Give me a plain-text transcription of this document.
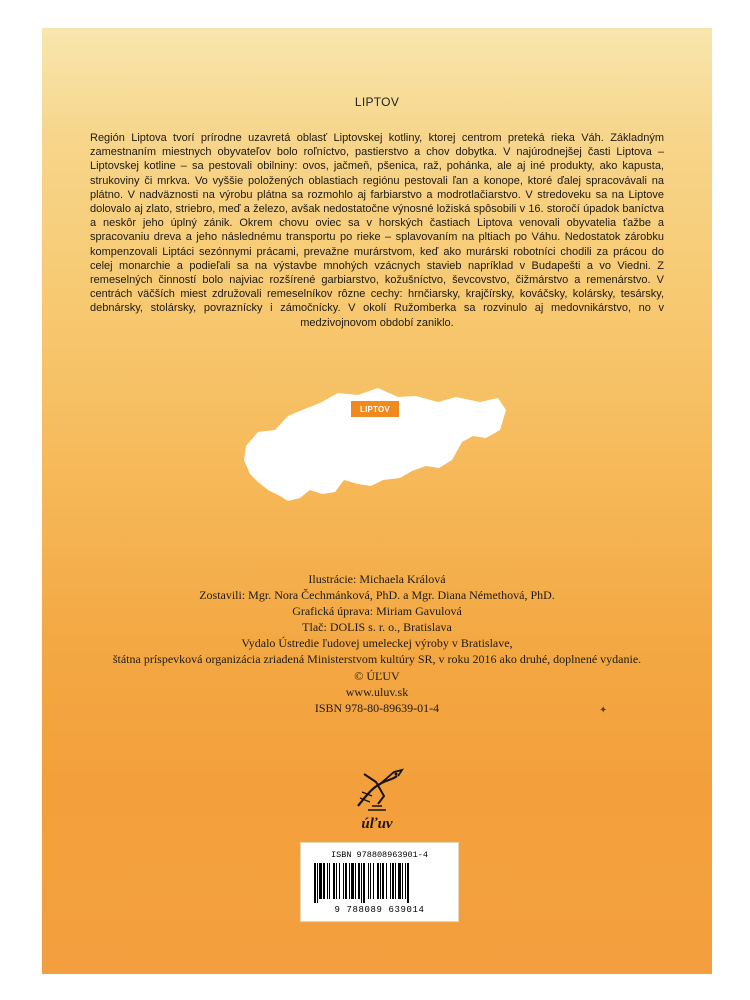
LIPTOV
Región Liptova tvorí prírodne uzavretá oblasť Liptovskej kotliny, ktorej centrom preteká rieka Váh. Základným zamestnaním miestnych obyvateľov bolo roľníctvo, pastierstvo a chov dobytka. V najúrodnejšej časti Liptova – Liptovskej kotline – sa pestovali obilniny: ovos, jačmeň, pšenica, raž, pohánka, ale aj iné produkty, ako kapusta, strukoviny či mrkva. Vo vyššie položených oblastiach regiónu pestovali ľan a konope, ktoré ďalej spracovávali na plátno. V nadväznosti na výrobu plátna sa rozmohlo aj farbiarstvo a modrotlačiarstvo. V stredoveku sa na Liptove dolovalo aj zlato, striebro, meď a železo, avšak nedostatočne výnosné ložiská spôsobili v 16. storočí úpadok baníctva a neskôr jeho úplný zánik. Okrem chovu oviec sa v horských častiach Liptova venovali obyvatelia ťažbe a spracovaniu dreva a jeho následnému transportu po rieke – splavovaním na pltiach po Váhu. Nedostatok zárobku kompenzovali Liptáci sezónnymi prácami, prevažne murárstvom, keď ako murárski robotníci chodili za prácou do celej monarchie a podieľali sa na výstavbe mnohých vzácnych stavieb napríklad v Budapešti a vo Viedni. Z remeselných činností bolo najviac rozšírené garbiarstvo, kožušníctvo, ševcovstvo, čižmárstvo a remenárstvo. V centrách väčších miest združovali remeselníkov rôzne cechy: hrnčiarsky, krajčírsky, kováčsky, kolársky, tesársky, debnársky, stolársky, povraznícky i zámočnícky. V okolí Ružomberka sa rozvinulo aj medovnikárstvo, no v medzivojnovom období zaniklo.
LIPTOV
Ilustrácie: Michaela Králová
Zostavili: Mgr. Nora Čechmánková, PhD. a Mgr. Diana Némethová, PhD.
Grafická úprava: Miriam Gavulová
Tlač: DOLIS s. r. o., Bratislava
Vydalo Ústredie ľudovej umeleckej výroby v Bratislave,
štátna príspevková organizácia zriadená Ministerstvom kultúry SR, v roku 2016 ako druhé, doplnené vydanie.
© ÚĽUV
www.uluv.sk
ISBN 978-80-89639-01-4	✦
úľuv
ISBN 978808963901-4
9 788089 639014
